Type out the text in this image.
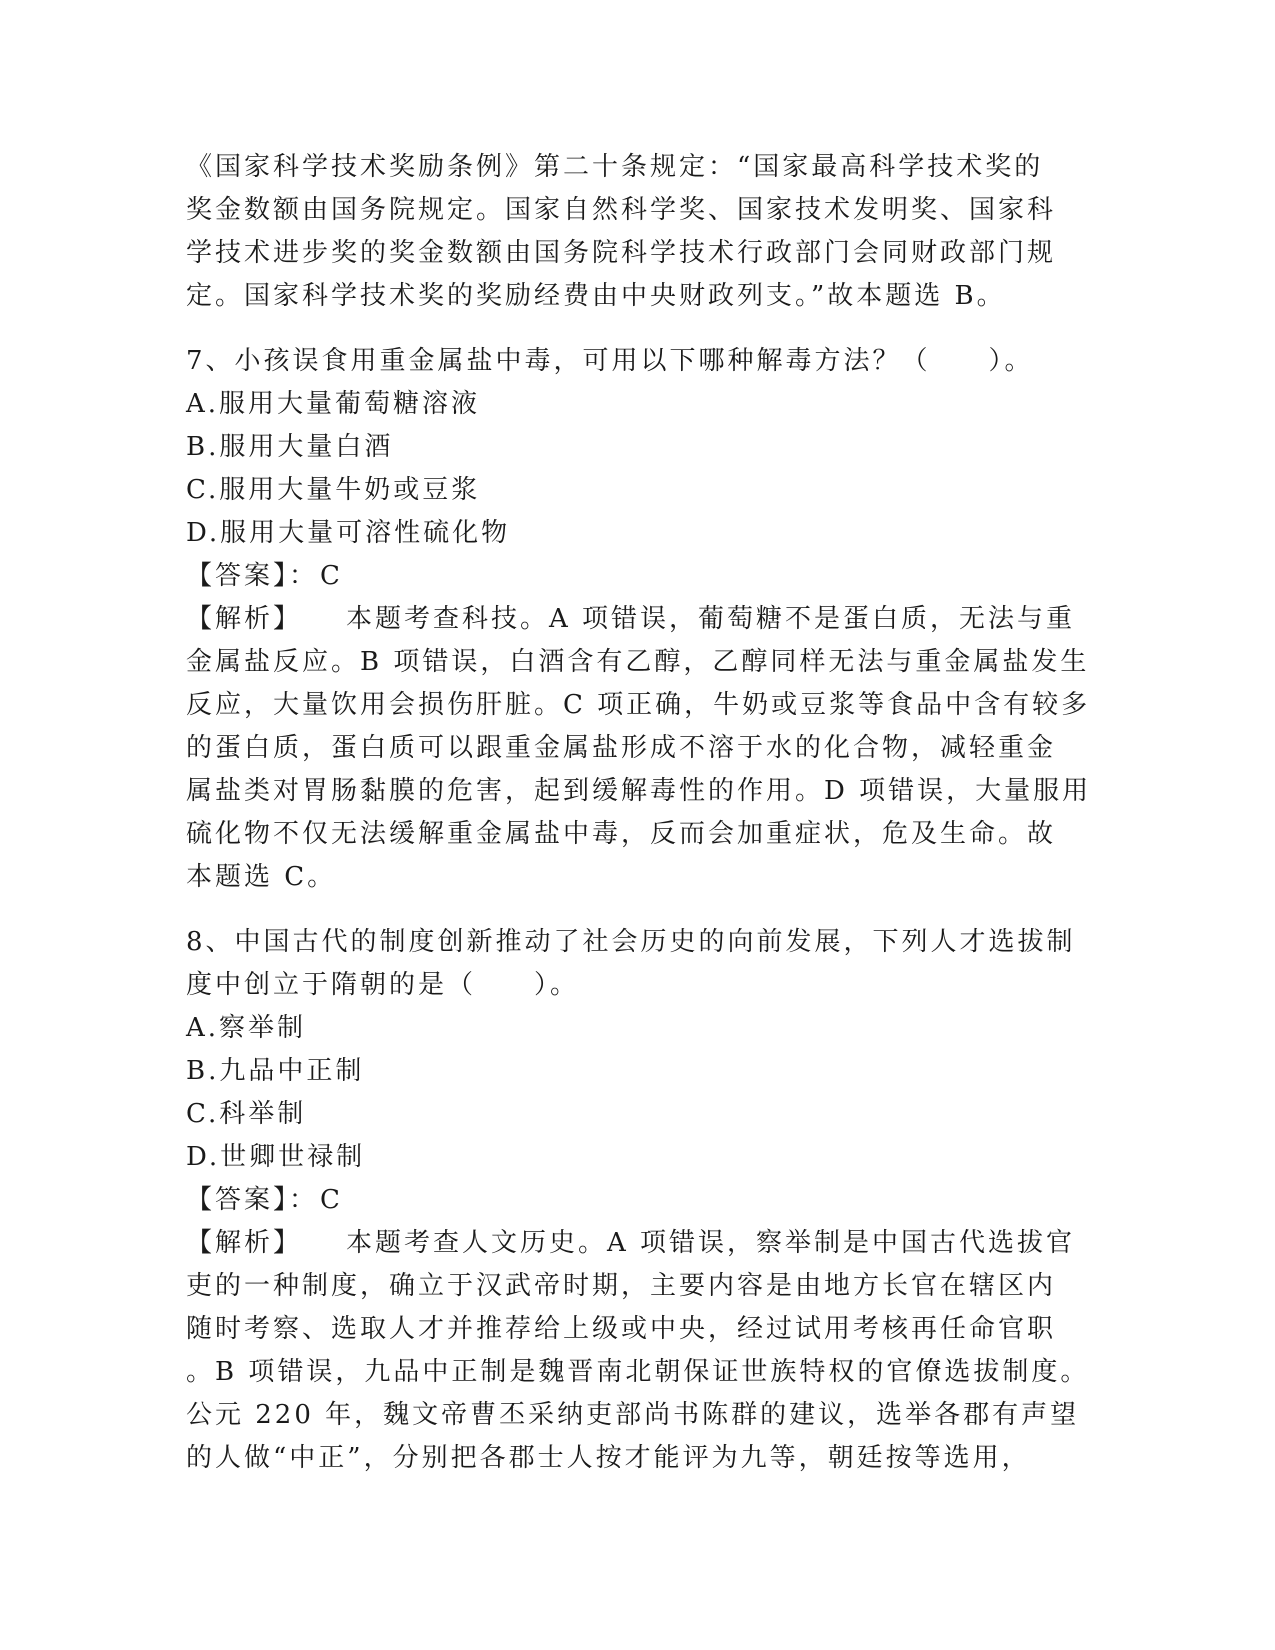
《国家科学技术奖励条例》第二十条规定：“国家最高科学技术奖的
奖金数额由国务院规定。国家自然科学奖、国家技术发明奖、国家科
学技术进步奖的奖金数额由国务院科学技术行政部门会同财政部门规
定。国家科学技术奖的奖励经费由中央财政列支。”故本题选 B。
7、小孩误食用重金属盐中毒，可用以下哪种解毒方法？（　　）。
A.服用大量葡萄糖溶液
B.服用大量白酒
C.服用大量牛奶或豆浆
D.服用大量可溶性硫化物
【答案】：C
【解析】 本题考查科技。A 项错误，葡萄糖不是蛋白质，无法与重
金属盐反应。B 项错误，白酒含有乙醇，乙醇同样无法与重金属盐发生
反应，大量饮用会损伤肝脏。C 项正确，牛奶或豆浆等食品中含有较多
的蛋白质，蛋白质可以跟重金属盐形成不溶于水的化合物，减轻重金
属盐类对胃肠黏膜的危害，起到缓解毒性的作用。D 项错误，大量服用
硫化物不仅无法缓解重金属盐中毒，反而会加重症状，危及生命。故
本题选 C。
8、中国古代的制度创新推动了社会历史的向前发展，下列人才选拔制
度中创立于隋朝的是（　　）。
A.察举制
B.九品中正制
C.科举制
D.世卿世禄制
【答案】：C
【解析】 本题考查人文历史。A 项错误，察举制是中国古代选拔官
吏的一种制度，确立于汉武帝时期，主要内容是由地方长官在辖区内
随时考察、选取人才并推荐给上级或中央，经过试用考核再任命官职
。B 项错误，九品中正制是魏晋南北朝保证世族特权的官僚选拔制度。
公元 220 年，魏文帝曹丕采纳吏部尚书陈群的建议，选举各郡有声望
的人做“中正”，分别把各郡士人按才能评为九等，朝廷按等选用，
